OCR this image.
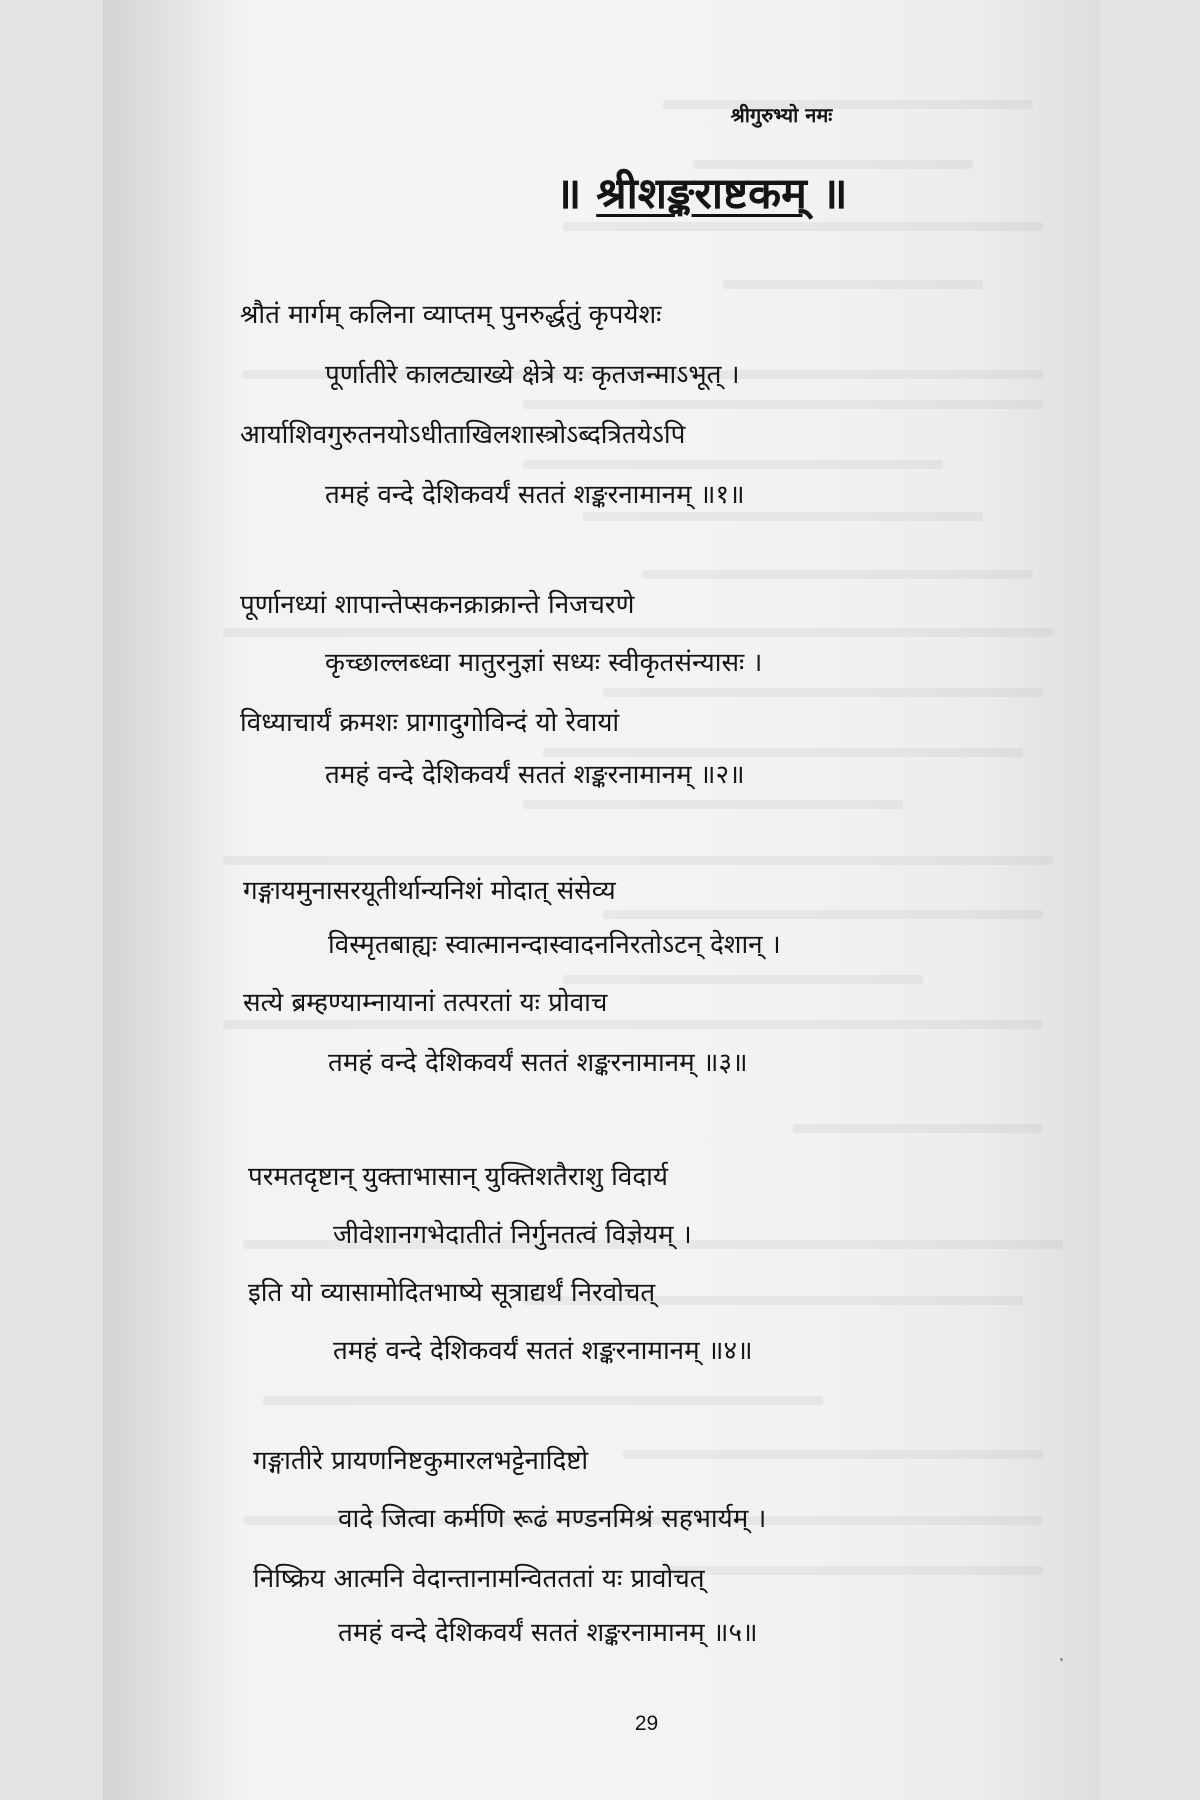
श्रीगुरुभ्यो नमः
॥ श्रीशङ्कराष्टकम् ॥
श्रौतं मार्गम् कलिना व्याप्तम् पुनरुर्द्धतुं कृपयेशः
पूर्णातीरे कालट्याख्ये क्षेत्रे यः कृतजन्माऽभूत् ।
आर्याशिवगुरुतनयोऽधीताखिलशास्त्रोऽब्दत्रितयेऽपि
तमहं वन्दे देशिकवर्यं सततं शङ्करनामानम् ॥१॥
पूर्णानध्यां शापान्तेप्सकनक्राक्रान्ते निजचरणे
कृच्छाल्लब्ध्वा मातुरनुज्ञां सध्यः स्वीकृतसंन्यासः ।
विध्याचार्यं क्रमशः प्रागादुगोविन्दं यो रेवायां
तमहं वन्दे देशिकवर्यं सततं शङ्करनामानम् ॥२॥
गङ्गायमुनासरयूतीर्थान्यनिशं मोदात् संसेव्य
विस्मृतबाह्यः स्वात्मानन्दास्वादननिरतोऽटन् देशान् ।
सत्ये ब्रम्हण्याम्नायानां तत्परतां यः प्रोवाच
तमहं वन्दे देशिकवर्यं सततं शङ्करनामानम् ॥३॥
परमतदृष्टान् युक्ताभासान् युक्तिशतैराशु विदार्य
जीवेशानगभेदातीतं निर्गुनतत्वं विज्ञेयम् ।
इति यो व्यासामोदितभाष्ये सूत्राद्यर्थं निरवोचत्
तमहं वन्दे देशिकवर्यं सततं शङ्करनामानम् ॥४॥
गङ्गातीरे प्रायणनिष्टकुमारलभट्टेनादिष्टो
वादे जित्वा कर्मणि रूढं मण्डनमिश्रं सहभार्यम् ।
निष्क्रिय आत्मनि वेदान्तानामन्वितततां यः प्रावोचत्
तमहं वन्दे देशिकवर्यं सततं शङ्करनामानम् ॥५॥
29
